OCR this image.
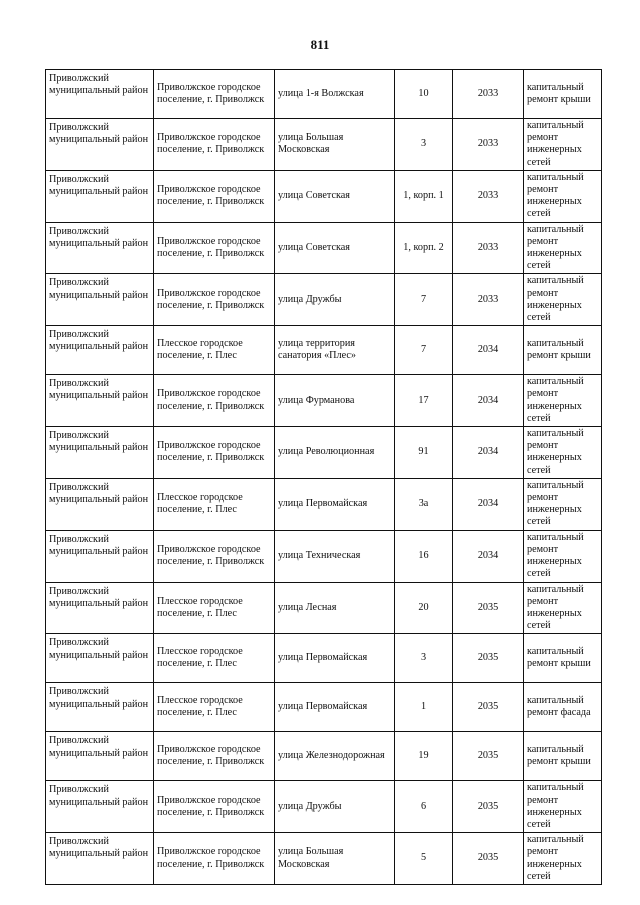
811
Приволжский муниципальный район	Приволжское городское поселение, г. Приволжск	улица 1-я Волжская	10	2033	капитальный ремонт крыши
Приволжский муниципальный район	Приволжское городское поселение, г. Приволжск	улица Большая Московская	3	2033	капитальный ремонт инженерных сетей
Приволжский муниципальный район	Приволжское городское поселение, г. Приволжск	улица Советская	1, корп. 1	2033	капитальный ремонт инженерных сетей
Приволжский муниципальный район	Приволжское городское поселение, г. Приволжск	улица Советская	1, корп. 2	2033	капитальный ремонт инженерных сетей
Приволжский муниципальный район	Приволжское городское поселение, г. Приволжск	улица Дружбы	7	2033	капитальный ремонт инженерных сетей
Приволжский муниципальный район	Плесское городское поселение, г. Плес	улица территория санатория «Плес»	7	2034	капитальный ремонт крыши
Приволжский муниципальный район	Приволжское городское поселение, г. Приволжск	улица Фурманова	17	2034	капитальный ремонт инженерных сетей
Приволжский муниципальный район	Приволжское городское поселение, г. Приволжск	улица Революционная	91	2034	капитальный ремонт инженерных сетей
Приволжский муниципальный район	Плесское городское поселение, г. Плес	улица Первомайская	3а	2034	капитальный ремонт инженерных сетей
Приволжский муниципальный район	Приволжское городское поселение, г. Приволжск	улица Техническая	16	2034	капитальный ремонт инженерных сетей
Приволжский муниципальный район	Плесское городское поселение, г. Плес	улица Лесная	20	2035	капитальный ремонт инженерных сетей
Приволжский муниципальный район	Плесское городское поселение, г. Плес	улица Первомайская	3	2035	капитальный ремонт крыши
Приволжский муниципальный район	Плесское городское поселение, г. Плес	улица Первомайская	1	2035	капитальный ремонт фасада
Приволжский муниципальный район	Приволжское городское поселение, г. Приволжск	улица Железнодорожная	19	2035	капитальный ремонт крыши
Приволжский муниципальный район	Приволжское городское поселение, г. Приволжск	улица Дружбы	6	2035	капитальный ремонт инженерных сетей
Приволжский муниципальный район	Приволжское городское поселение, г. Приволжск	улица Большая Московская	5	2035	капитальный ремонт инженерных сетей
